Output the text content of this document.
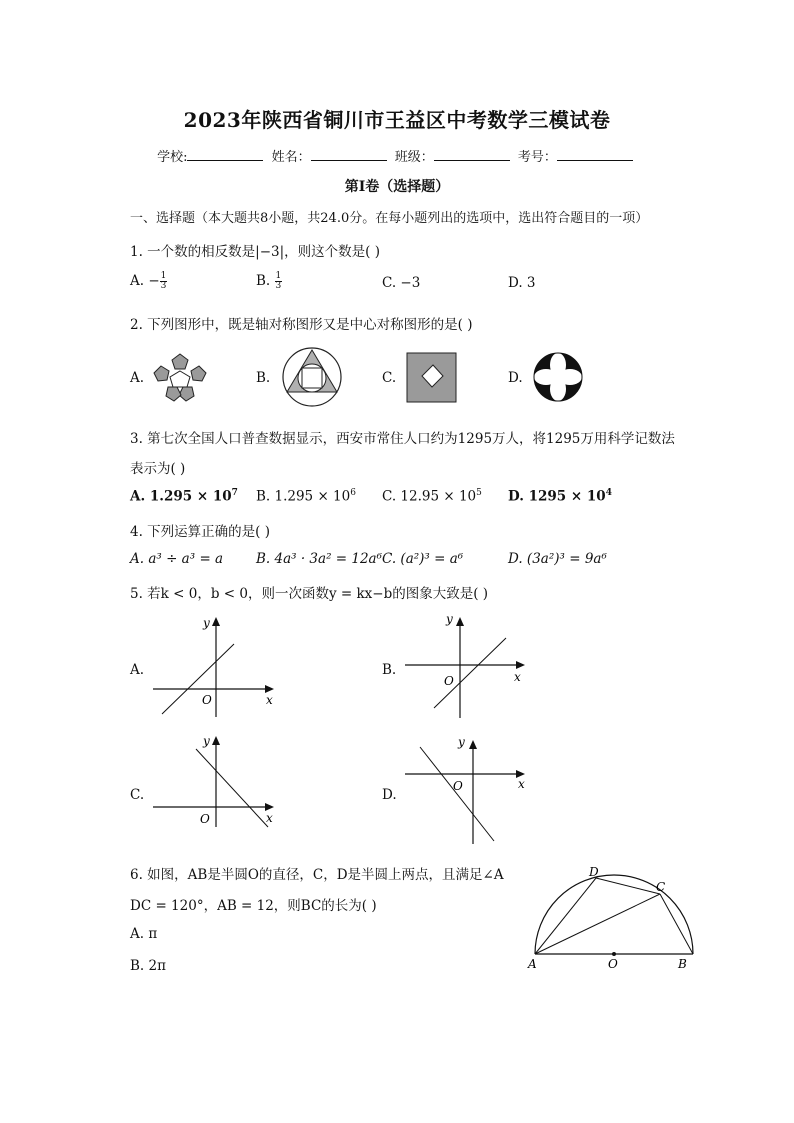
2023年陕西省铜川市王益区中考数学三模试卷
学校:	姓名：	班级：	考号：
第I卷（选择题）
一、选择题（本大题共8小题，共24.0分。在每小题列出的选项中，选出符合题目的一项）
1. 一个数的相反数是|−3|，则这个数是( )
A. − $\frac{1}{3}$	B. $\frac{1}{3}$	C. −3	D. 3
2. 下列图形中，既是轴对称图形又是中心对称图形的是( )
A.	B.	C.	D.
3. 第七次全国人口普查数据显示，西安市常住人口约为1295万人，将1295万用科学记数法
表示为( )
A. $1.295 \times 10^7$ B. $1.295 \times 10^6$ C. $12.95 \times 10^5$ D. $1295 \times 10^4$
4. 下列运算正确的是( )
A. a³ ÷ a³ = a B. 4a³ · 3a² = 12a⁶ C. (a²)³ = a⁶	D. (3a²)³ = 9a⁶
5. 若k < 0，b < 0，则一次函数y = kx−b的图象大致是( )
A.	B.
C.	D.
O	x
y
O	x
y
O	x
y
O	x
y
6. 如图，AB是半圆O的直径，C，D是半圆上两点，且满足∠A
DC = 120°，AB = 12，则BC的长为( )
A. π
B. 2π	A	O	B
D
C
